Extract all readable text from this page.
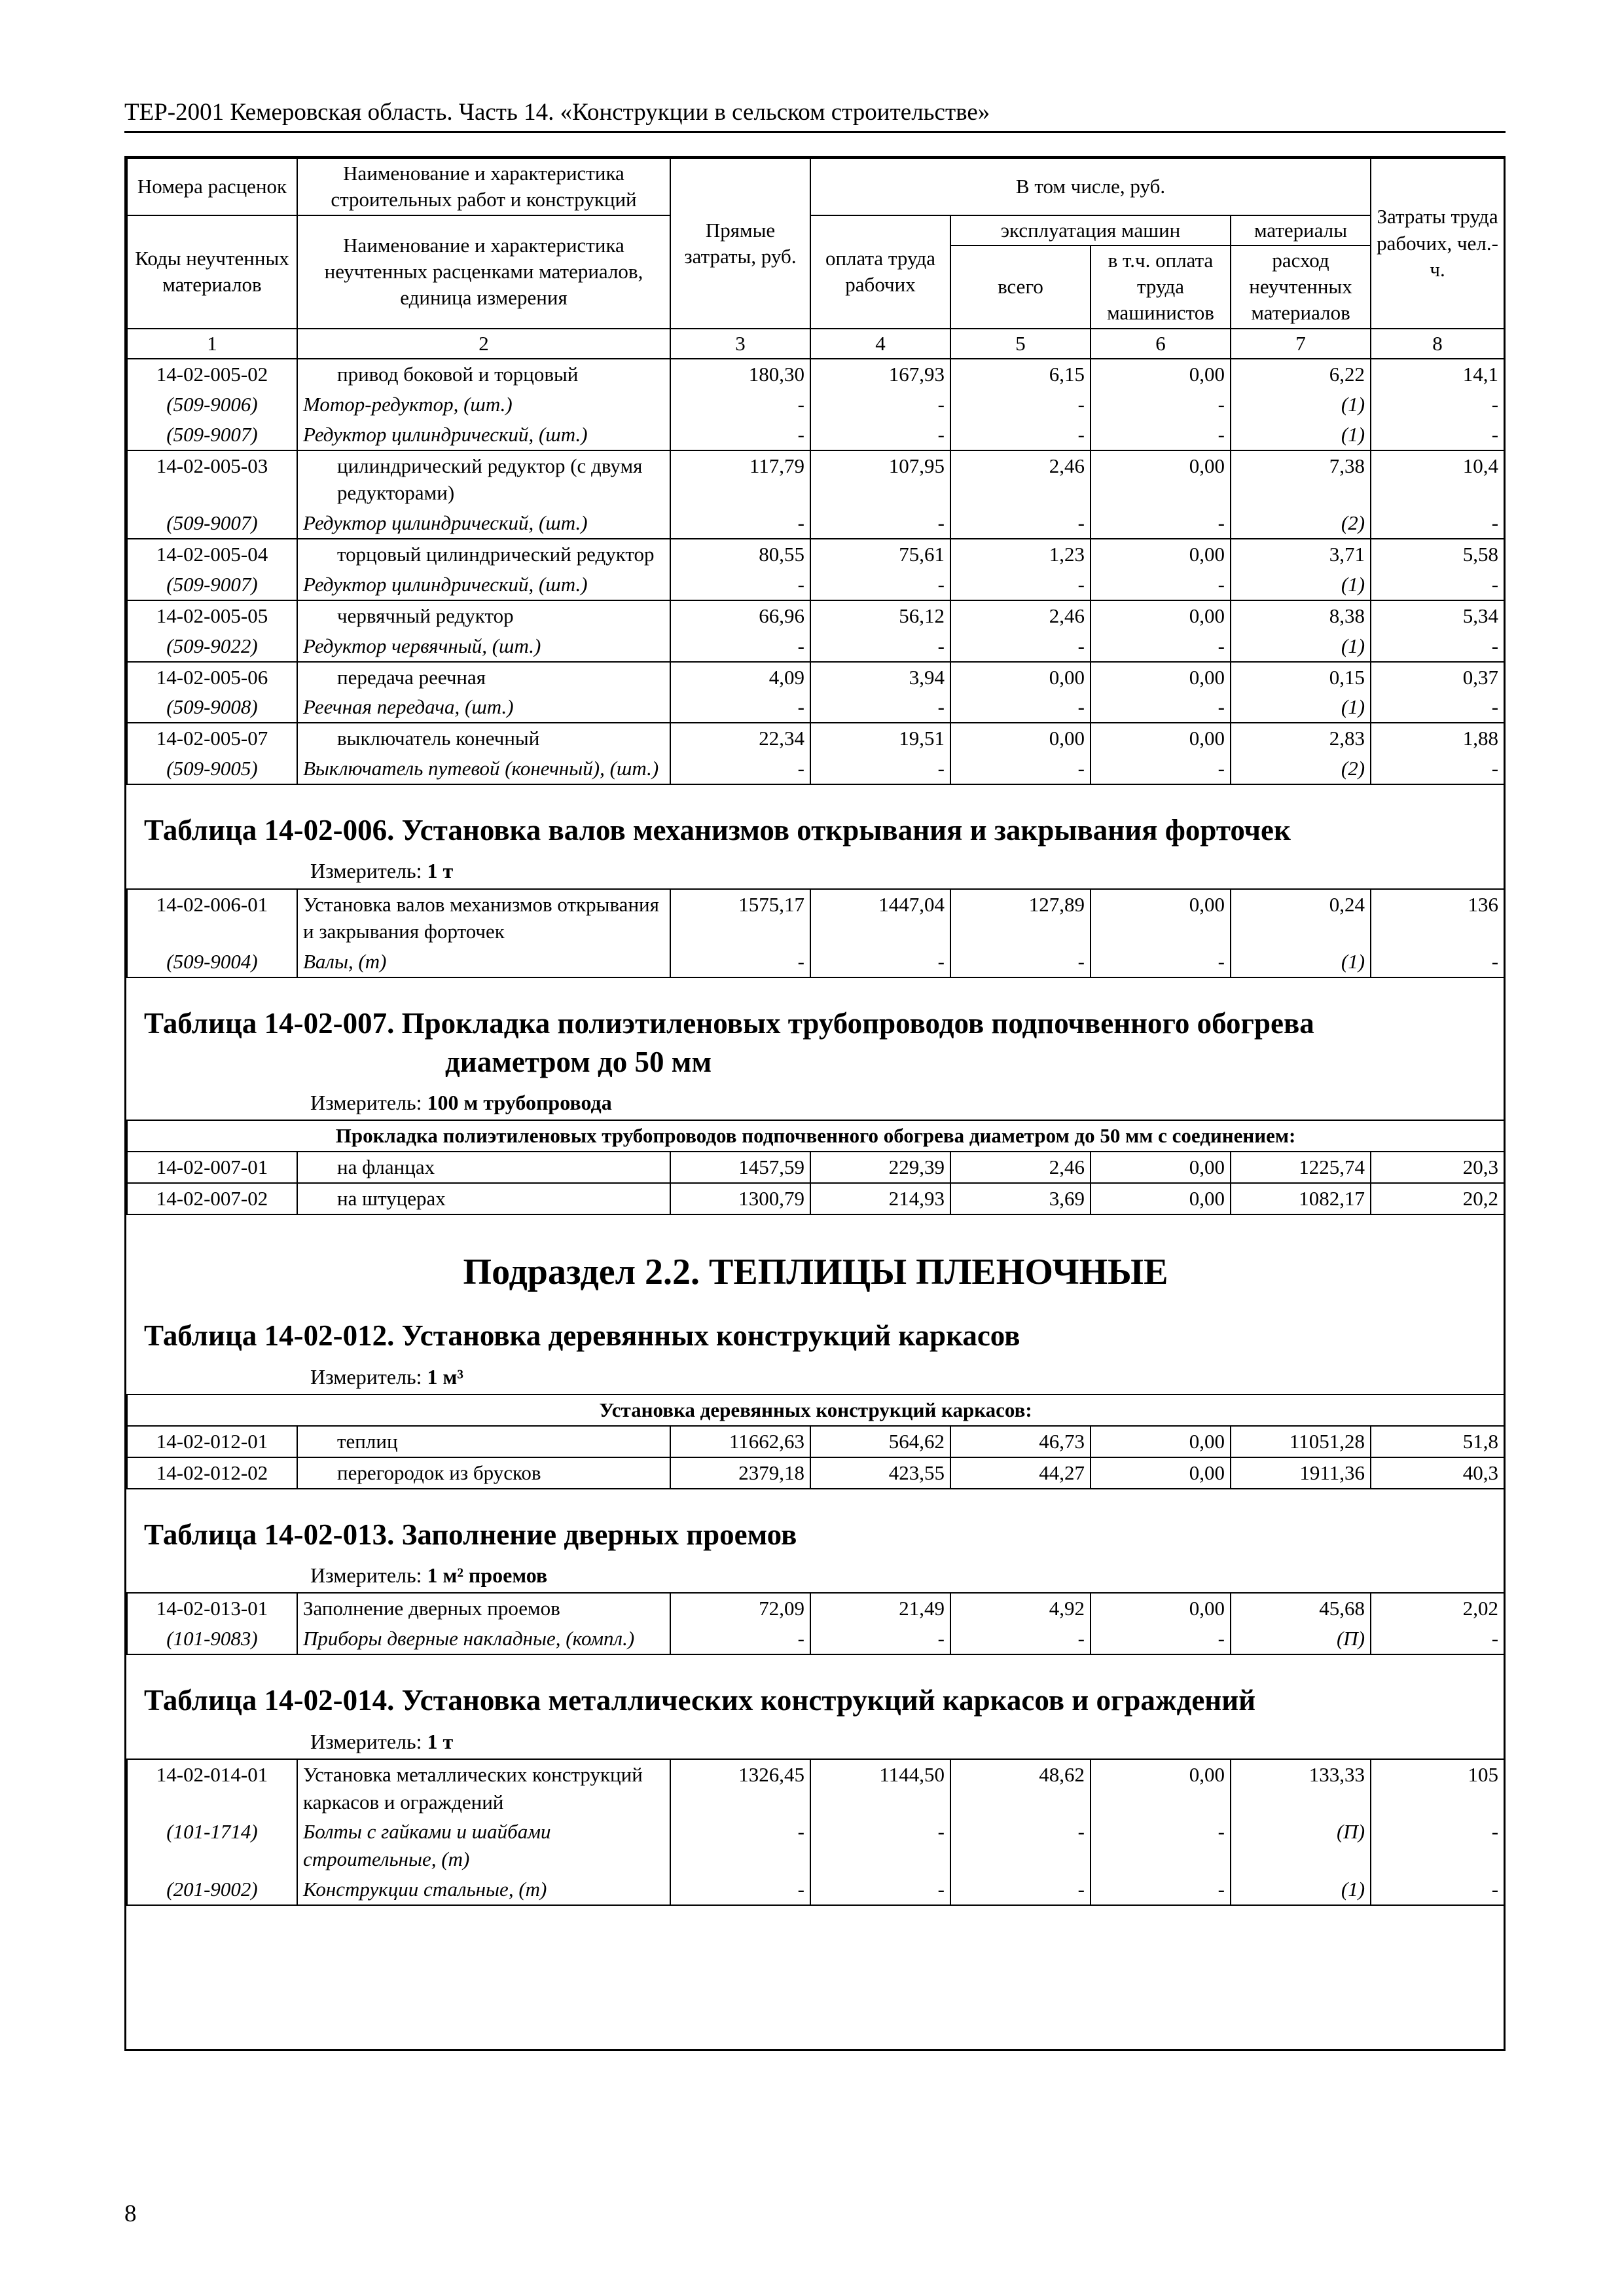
ТЕР-2001 Кемеровская область. Часть 14. «Конструкции в сельском строительстве»
Номера расценок	Наименование и характеристика строительных работ и конструкций	Прямые затраты, руб.	В том числе, руб.				Затраты труда рабочих, чел.-ч.
Коды неучтенных материалов	Наименование и характеристика неучтенных расценками материалов, единица измерения		оплата труда рабочих	эксплуатация машин		материалы	
				всего	в т.ч. оплата труда машинистов	расход неучтенных материалов	
1	2	3	4	5	6	7	8
14-02-005-02	привод боковой и торцовый	180,30	167,93	6,15	0,00	6,22	14,1
(509-9006)	Мотор-редуктор, (шт.)	-	-	-	-	(1)	-
(509-9007)	Редуктор цилиндрический, (шт.)	-	-	-	-	(1)	-
14-02-005-03	цилиндрический редуктор (с двумя редукторами)	117,79	107,95	2,46	0,00	7,38	10,4
(509-9007)	Редуктор цилиндрический, (шт.)	-	-	-	-	(2)	-
14-02-005-04	торцовый цилиндрический редуктор	80,55	75,61	1,23	0,00	3,71	5,58
(509-9007)	Редуктор цилиндрический, (шт.)	-	-	-	-	(1)	-
14-02-005-05	червячный редуктор	66,96	56,12	2,46	0,00	8,38	5,34
(509-9022)	Редуктор червячный, (шт.)	-	-	-	-	(1)	-
14-02-005-06	передача реечная	4,09	3,94	0,00	0,00	0,15	0,37
(509-9008)	Реечная передача, (шт.)	-	-	-	-	(1)	-
14-02-005-07	выключатель конечный	22,34	19,51	0,00	0,00	2,83	1,88
(509-9005)	Выключатель путевой (конечный), (шт.)	-	-	-	-	(2)	-

Таблица 14-02-006. Установка валов механизмов открывания и закрывания форточек
Измеритель: 1 т							

14-02-006-01	Установка валов механизмов открывания и закрывания форточек	1575,17	1447,04	127,89	0,00	0,24	136
(509-9004)	Валы, (т)	-	-	-	-	(1)	-

Таблица 14-02-007. Прокладка полиэтиленовых трубопроводов подпочвенного обогрева
диаметром до 50 мм
Измеритель: 100 м трубопровода							

Прокладка полиэтиленовых трубопроводов подпочвенного обогрева диаметром до 50 мм с соединением:							
14-02-007-01	на фланцах	1457,59	229,39	2,46	0,00	1225,74	20,3
14-02-007-02	на штуцерах	1300,79	214,93	3,69	0,00	1082,17	20,2

Подраздел 2.2. ТЕПЛИЦЫ ПЛЕНОЧНЫЕ
Таблица 14-02-012. Установка деревянных конструкций каркасов
Измеритель: 1 м³							

Установка деревянных конструкций каркасов:							
14-02-012-01	теплиц	11662,63	564,62	46,73	0,00	11051,28	51,8
14-02-012-02	перегородок из брусков	2379,18	423,55	44,27	0,00	1911,36	40,3

Таблица 14-02-013. Заполнение дверных проемов
Измеритель: 1 м² проемов							

14-02-013-01	Заполнение дверных проемов	72,09	21,49	4,92	0,00	45,68	2,02
(101-9083)	Приборы дверные накладные, (компл.)	-	-	-	-	(П)	-

Таблица 14-02-014. Установка металлических конструкций каркасов и ограждений
Измеритель: 1 т							

14-02-014-01	Установка металлических конструкций каркасов и ограждений	1326,45	1144,50	48,62	0,00	133,33	105
(101-1714)	Болты с гайками и шайбами строительные, (т)	-	-	-	-	(П)	-
(201-9002)	Конструкции стальные, (т)	-	-	-	-	(1)	-
8
